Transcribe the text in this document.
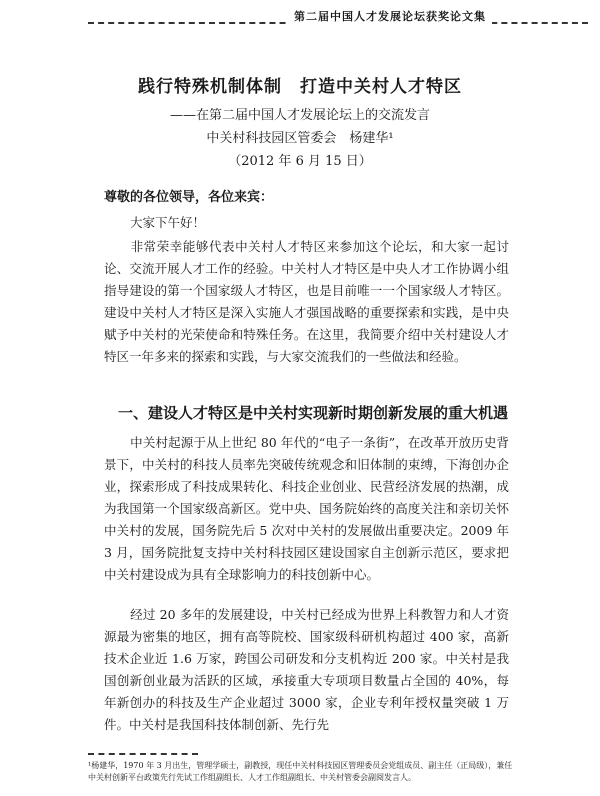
第二届中国人才发展论坛获奖论文集
践行特殊机制体制　打造中关村人才特区
——在第二届中国人才发展论坛上的交流发言
中关村科技园区管委会　杨建华¹
（2012 年 6 月 15 日）
尊敬的各位领导，各位来宾：
大家下午好！
非常荣幸能够代表中关村人才特区来参加这个论坛，和大家一起讨论、交流开展人才工作的经验。中关村人才特区是中央人才工作协调小组指导建设的第一个国家级人才特区，也是目前唯一一个国家级人才特区。建设中关村人才特区是深入实施人才强国战略的重要探索和实践，是中央赋予中关村的光荣使命和特殊任务。在这里，我简要介绍中关村建设人才特区一年多来的探索和实践，与大家交流我们的一些做法和经验。
一、建设人才特区是中关村实现新时期创新发展的重大机遇
中关村起源于从上世纪 80 年代的“电子一条街”，在改革开放历史背景下，中关村的科技人员率先突破传统观念和旧体制的束缚，下海创办企业，探索形成了科技成果转化、科技企业创业、民营经济发展的热潮，成为我国第一个国家级高新区。党中央、国务院始终的高度关注和亲切关怀中关村的发展，国务院先后 5 次对中关村的发展做出重要决定。2009 年 3 月，国务院批复支持中关村科技园区建设国家自主创新示范区，要求把中关村建设成为具有全球影响力的科技创新中心。
经过 20 多年的发展建设，中关村已经成为世界上科教智力和人才资源最为密集的地区，拥有高等院校、国家级科研机构超过 400 家，高新技术企业近 1.6 万家，跨国公司研发和分支机构近 200 家。中关村是我国创新创业最为活跃的区域，承接重大专项项目数量占全国的 40%，每年新创办的科技及生产企业超过 3000 家，企业专利年授权量突破 1 万件。中关村是我国科技体制创新、先行先
¹杨建华，1970 年 3 月出生，管理学硕士，副教授，现任中关村科技园区管理委员会党组成员、副主任（正局级），兼任中关村创新平台政策先行先试工作组副组长、人才工作组副组长、中关村管委会副阅发言人。
